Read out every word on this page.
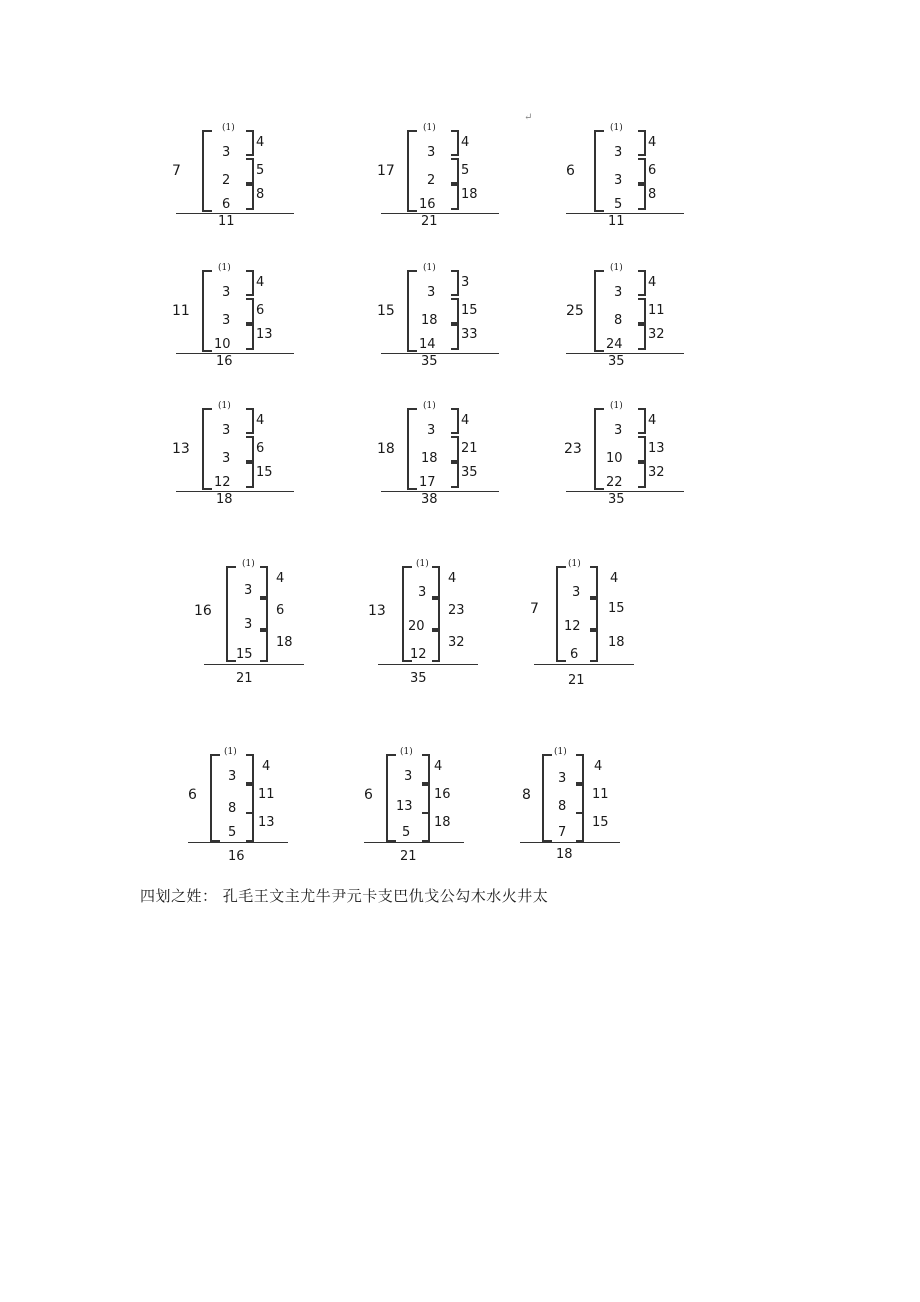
↵
7
(1)
3
2
6
4
5
8
11
17
(1)
3
2
16
4
5
18
21
6
(1)
3
3
5
4
6
8
11
11
(1)
3
3
10
4
6
13
16
15
(1)
3
18
14
3
15
33
35
25
(1)
3
8
24
4
11
32
35
13
(1)
3
3
12
4
6
15
18
18
(1)
3
18
17
4
21
35
38
23
(1)
3
10
22
4
13
32
35
16
(1)
3
3
15
4
6
18
21
13
(1)
3
20
12
4
23
32
35
7
(1)
3
12
6
4
15
18
21
6
(1)
3
8
5
4
11
13
16
6
(1)
3
13
5
4
16
18
21
8
(1)
3
8
7
4
11
15
18
四划之姓： 孔毛王文主尤牛尹元卡支巴仇戈公勾木水火井太
